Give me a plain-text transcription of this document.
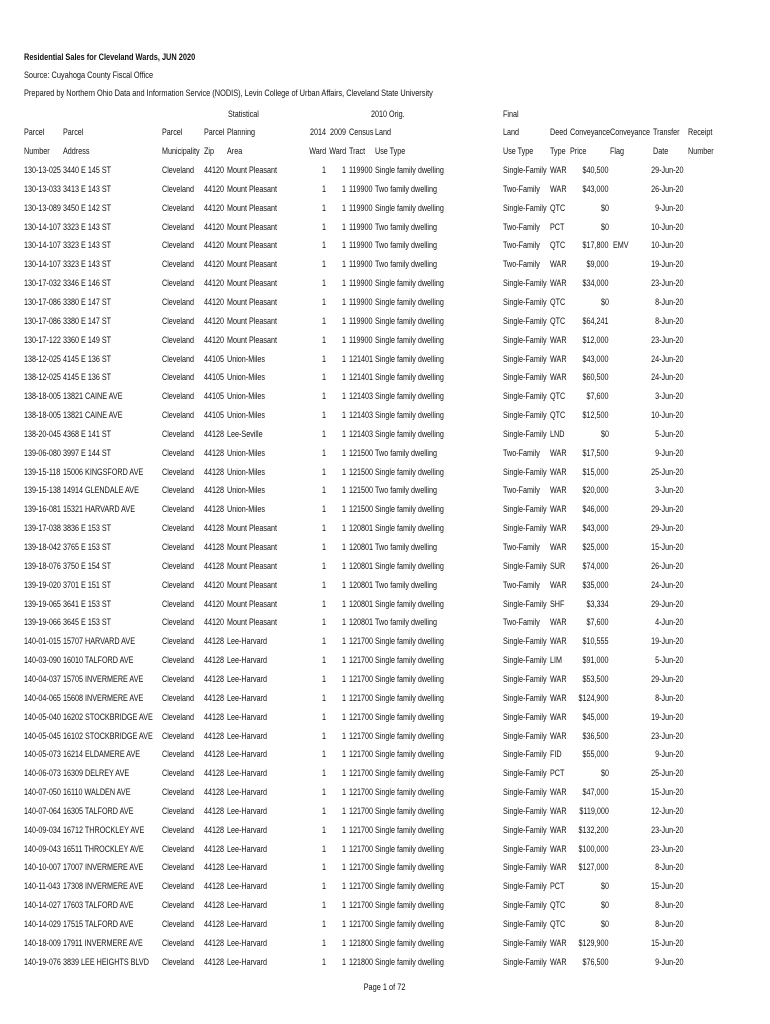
Residential Sales for Cleveland Wards, JUN 2020
Source: Cuyahoga County Fiscal Office
Prepared by Northern Ohio Data and Information Service (NODIS), Levin College of Urban Affairs, Cleveland State University
Statistical	2010 Orig.	Final
Parcel	Parcel	Parcel	Parcel Planning	2014 2009 Census Land	Land	Deed Conveyance Conveyance Transfer Receipt
Number	Address	Municipality Zip Area	Ward Ward Tract	Use Type	Use Type	Type Price	Flag	Date	Number
130-13-025 3440 E 145 ST	Cleveland	44120 Mount Pleasant	1 1 119900 Single family dwelling	Single-Family WAR	$40,500	29-Jun-20
130-13-033 3413 E 143 ST	Cleveland	44120 Mount Pleasant	1 1 119900 Two family dwelling	Two-Family	WAR	$43,000	26-Jun-20
130-13-089 3450 E 142 ST	Cleveland	44120 Mount Pleasant	1 1 119900 Single family dwelling	Single-Family QTC	$0	9-Jun-20
130-14-107 3323 E 143 ST	Cleveland	44120 Mount Pleasant	1 1 119900 Two family dwelling	Two-Family	PCT	$0	10-Jun-20
130-14-107 3323 E 143 ST	Cleveland	44120 Mount Pleasant	1 1 119900 Two family dwelling	Two-Family	QTC	$17,800 EMV	10-Jun-20
130-14-107 3323 E 143 ST	Cleveland	44120 Mount Pleasant	1 1 119900 Two family dwelling	Two-Family	WAR	$9,000	19-Jun-20
130-17-032 3346 E 146 ST	Cleveland	44120 Mount Pleasant	1 1 119900 Single family dwelling	Single-Family WAR	$34,000	23-Jun-20
130-17-086 3380 E 147 ST	Cleveland	44120 Mount Pleasant	1 1 119900 Single family dwelling	Single-Family QTC	$0	8-Jun-20
130-17-086 3380 E 147 ST	Cleveland	44120 Mount Pleasant	1 1 119900 Single family dwelling	Single-Family QTC	$64,241	8-Jun-20
130-17-122 3360 E 149 ST	Cleveland	44120 Mount Pleasant	1 1 119900 Single family dwelling	Single-Family WAR	$12,000	23-Jun-20
138-12-025 4145 E 136 ST	Cleveland	44105 Union-Miles	1 1 121401 Single family dwelling	Single-Family WAR	$43,000	24-Jun-20
138-12-025 4145 E 136 ST	Cleveland	44105 Union-Miles	1 1 121401 Single family dwelling	Single-Family WAR	$60,500	24-Jun-20
138-18-005 13821 CAINE AVE	Cleveland	44105 Union-Miles	1 1 121403 Single family dwelling	Single-Family QTC	$7,600	3-Jun-20
138-18-005 13821 CAINE AVE	Cleveland	44105 Union-Miles	1 1 121403 Single family dwelling	Single-Family QTC	$12,500	10-Jun-20
138-20-045 4368 E 141 ST	Cleveland	44128 Lee-Seville	1 1 121403 Single family dwelling	Single-Family LND	$0	5-Jun-20
139-06-080 3997 E 144 ST	Cleveland	44128 Union-Miles	1 1 121500 Two family dwelling	Two-Family	WAR	$17,500	9-Jun-20
139-15-118 15006 KINGSFORD AVE	Cleveland	44128 Union-Miles	1 1 121500 Single family dwelling	Single-Family WAR	$15,000	25-Jun-20
139-15-138 14914 GLENDALE AVE	Cleveland	44128 Union-Miles	1 1 121500 Two family dwelling	Two-Family	WAR	$20,000	3-Jun-20
139-16-081 15321 HARVARD AVE	Cleveland	44128 Union-Miles	1 1 121500 Single family dwelling	Single-Family WAR	$46,000	29-Jun-20
139-17-038 3836 E 153 ST	Cleveland	44128 Mount Pleasant	1 1 120801 Single family dwelling	Single-Family WAR	$43,000	29-Jun-20
139-18-042 3765 E 153 ST	Cleveland	44128 Mount Pleasant	1 1 120801 Two family dwelling	Two-Family	WAR	$25,000	15-Jun-20
139-18-076 3750 E 154 ST	Cleveland	44128 Mount Pleasant	1 1 120801 Single family dwelling	Single-Family SUR	$74,000	26-Jun-20
139-19-020 3701 E 151 ST	Cleveland	44120 Mount Pleasant	1 1 120801 Two family dwelling	Two-Family	WAR	$35,000	24-Jun-20
139-19-065 3641 E 153 ST	Cleveland	44120 Mount Pleasant	1 1 120801 Single family dwelling	Single-Family SHF	$3,334	29-Jun-20
139-19-066 3645 E 153 ST	Cleveland	44120 Mount Pleasant	1 1 120801 Two family dwelling	Two-Family	WAR	$7,600	4-Jun-20
140-01-015 15707 HARVARD AVE	Cleveland	44128 Lee-Harvard	1 1 121700 Single family dwelling	Single-Family WAR	$10,555	19-Jun-20
140-03-090 16010 TALFORD AVE	Cleveland	44128 Lee-Harvard	1 1 121700 Single family dwelling	Single-Family LIM	$91,000	5-Jun-20
140-04-037 15705 INVERMERE AVE	Cleveland	44128 Lee-Harvard	1 1 121700 Single family dwelling	Single-Family WAR	$53,500	29-Jun-20
140-04-065 15608 INVERMERE AVE	Cleveland	44128 Lee-Harvard	1 1 121700 Single family dwelling	Single-Family WAR	$124,900	8-Jun-20
140-05-040 16202 STOCKBRIDGE AVE	Cleveland	44128 Lee-Harvard	1 1 121700 Single family dwelling	Single-Family WAR	$45,000	19-Jun-20
140-05-045 16102 STOCKBRIDGE AVE	Cleveland	44128 Lee-Harvard	1 1 121700 Single family dwelling	Single-Family WAR	$36,500	23-Jun-20
140-05-073 16214 ELDAMERE AVE	Cleveland	44128 Lee-Harvard	1 1 121700 Single family dwelling	Single-Family FID	$55,000	9-Jun-20
140-06-073 16309 DELREY AVE	Cleveland	44128 Lee-Harvard	1 1 121700 Single family dwelling	Single-Family PCT	$0	25-Jun-20
140-07-050 16110 WALDEN AVE	Cleveland	44128 Lee-Harvard	1 1 121700 Single family dwelling	Single-Family WAR	$47,000	15-Jun-20
140-07-064 16305 TALFORD AVE	Cleveland	44128 Lee-Harvard	1 1 121700 Single family dwelling	Single-Family WAR	$119,000	12-Jun-20
140-09-034 16712 THROCKLEY AVE	Cleveland	44128 Lee-Harvard	1 1 121700 Single family dwelling	Single-Family WAR	$132,200	23-Jun-20
140-09-043 16511 THROCKLEY AVE	Cleveland	44128 Lee-Harvard	1 1 121700 Single family dwelling	Single-Family WAR	$100,000	23-Jun-20
140-10-007 17007 INVERMERE AVE	Cleveland	44128 Lee-Harvard	1 1 121700 Single family dwelling	Single-Family WAR	$127,000	8-Jun-20
140-11-043 17308 INVERMERE AVE	Cleveland	44128 Lee-Harvard	1 1 121700 Single family dwelling	Single-Family PCT	$0	15-Jun-20
140-14-027 17603 TALFORD AVE	Cleveland	44128 Lee-Harvard	1 1 121700 Single family dwelling	Single-Family QTC	$0	8-Jun-20
140-14-029 17515 TALFORD AVE	Cleveland	44128 Lee-Harvard	1 1 121700 Single family dwelling	Single-Family QTC	$0	8-Jun-20
140-18-009 17911 INVERMERE AVE	Cleveland	44128 Lee-Harvard	1 1 121800 Single family dwelling	Single-Family WAR	$129,900	15-Jun-20
140-19-076 3839 LEE HEIGHTS BLVD	Cleveland	44128 Lee-Harvard	1 1 121800 Single family dwelling	Single-Family WAR	$76,500	9-Jun-20
Page 1 of 72
